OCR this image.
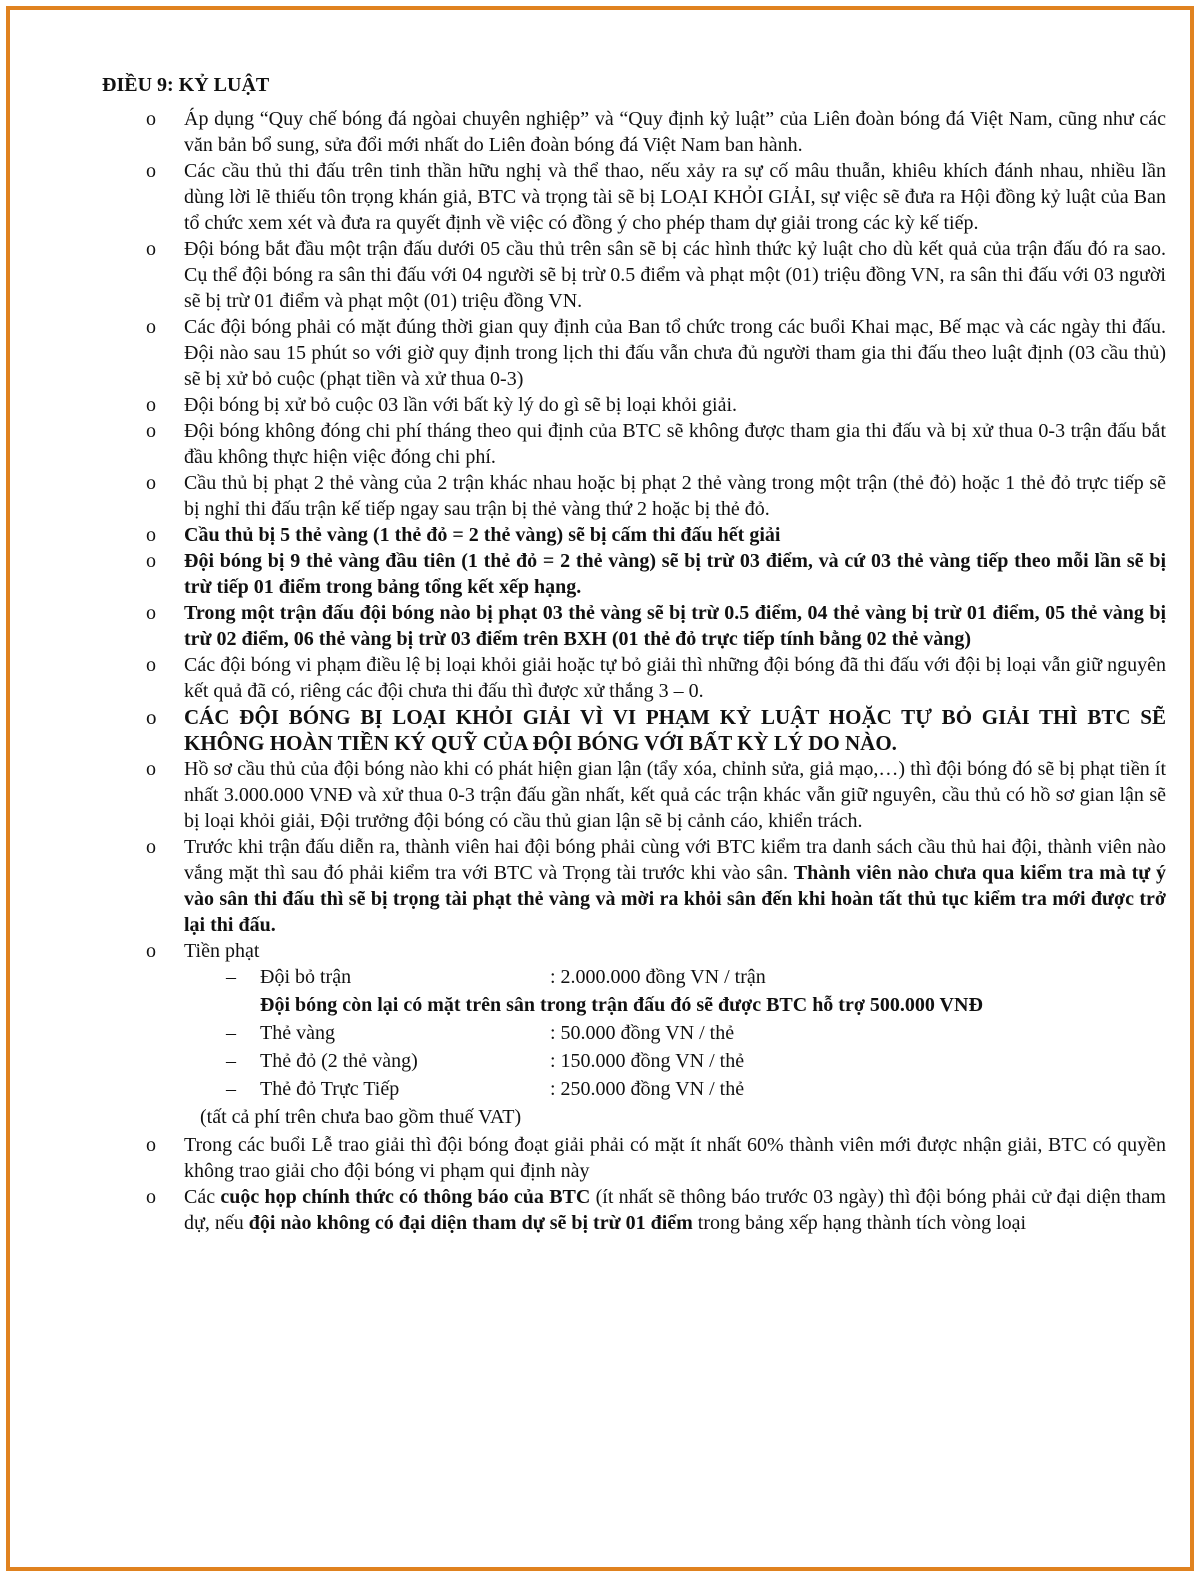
ĐIỀU 9: KỶ LUẬT
o Áp dụng “Quy chế bóng đá ngòai chuyên nghiệp” và “Quy định kỷ luật” của Liên đoàn bóng đá Việt Nam, cũng như các văn bản bổ sung, sửa đổi mới nhất do Liên đoàn bóng đá Việt Nam ban hành.
o Các cầu thủ thi đấu trên tinh thần hữu nghị và thể thao, nếu xảy ra sự cố mâu thuẫn, khiêu khích đánh nhau, nhiều lần dùng lời lẽ thiếu tôn trọng khán giả, BTC và trọng tài sẽ bị LOẠI KHỎI GIẢI, sự việc sẽ đưa ra Hội đồng kỷ luật của Ban tổ chức xem xét và đưa ra quyết định về việc có đồng ý cho phép tham dự giải trong các kỳ kế tiếp.
o Đội bóng bắt đầu một trận đấu dưới 05 cầu thủ trên sân sẽ bị các hình thức kỷ luật cho dù kết quả của trận đấu đó ra sao. Cụ thể đội bóng ra sân thi đấu với 04 người sẽ bị trừ 0.5 điểm và phạt một (01) triệu đồng VN, ra sân thi đấu với 03 người sẽ bị trừ 01 điểm và phạt một (01) triệu đồng VN.
o Các đội bóng phải có mặt đúng thời gian quy định của Ban tổ chức trong các buổi Khai mạc, Bế mạc và các ngày thi đấu. Đội nào sau 15 phút so với giờ quy định trong lịch thi đấu vẫn chưa đủ người tham gia thi đấu theo luật định (03 cầu thủ) sẽ bị xử bỏ cuộc (phạt tiền và xử thua 0-3)
o Đội bóng bị xử bỏ cuộc 03 lần với bất kỳ lý do gì sẽ bị loại khỏi giải.
o Đội bóng không đóng chi phí tháng theo qui định của BTC sẽ không được tham gia thi đấu và bị xử thua 0-3 trận đấu bắt đầu không thực hiện việc đóng chi phí.
o Cầu thủ bị phạt 2 thẻ vàng của 2 trận khác nhau hoặc bị phạt 2 thẻ vàng trong một trận (thẻ đỏ) hoặc 1 thẻ đỏ trực tiếp sẽ bị nghỉ thi đấu trận kế tiếp ngay sau trận bị thẻ vàng thứ 2 hoặc bị thẻ đỏ.
o Cầu thủ bị 5 thẻ vàng (1 thẻ đỏ = 2 thẻ vàng) sẽ bị cấm thi đấu hết giải
o Đội bóng bị 9 thẻ vàng đầu tiên (1 thẻ đỏ = 2 thẻ vàng) sẽ bị trừ 03 điểm, và cứ 03 thẻ vàng tiếp theo mỗi lần sẽ bị trừ tiếp 01 điểm trong bảng tổng kết xếp hạng.
o Trong một trận đấu đội bóng nào bị phạt 03 thẻ vàng sẽ bị trừ 0.5 điểm, 04 thẻ vàng bị trừ 01 điểm, 05 thẻ vàng bị trừ 02 điểm, 06 thẻ vàng bị trừ 03 điểm trên BXH (01 thẻ đỏ trực tiếp tính bằng 02 thẻ vàng)
o Các đội bóng vi phạm điều lệ bị loại khỏi giải hoặc tự bỏ giải thì những đội bóng đã thi đấu với đội bị loại vẫn giữ nguyên kết quả đã có, riêng các đội chưa thi đấu thì được xử thắng 3 – 0.
o CÁC ĐỘI BÓNG BỊ LOẠI KHỎI GIẢI VÌ VI PHẠM KỶ LUẬT HOẶC TỰ BỎ GIẢI THÌ BTC SẼ KHÔNG HOÀN TIỀN KÝ QUỸ CỦA ĐỘI BÓNG VỚI BẤT KỲ LÝ DO NÀO.
o Hồ sơ cầu thủ của đội bóng nào khi có phát hiện gian lận (tẩy xóa, chỉnh sửa, giả mạo,…) thì đội bóng đó sẽ bị phạt tiền ít nhất 3.000.000 VNĐ và xử thua 0-3 trận đấu gần nhất, kết quả các trận khác vẫn giữ nguyên, cầu thủ có hồ sơ gian lận sẽ bị loại khỏi giải, Đội trưởng đội bóng có cầu thủ gian lận sẽ bị cảnh cáo, khiển trách.
o Trước khi trận đấu diễn ra, thành viên hai đội bóng phải cùng với BTC kiểm tra danh sách cầu thủ hai đội, thành viên nào vắng mặt thì sau đó phải kiểm tra với BTC và Trọng tài trước khi vào sân. Thành viên nào chưa qua kiểm tra mà tự ý vào sân thi đấu thì sẽ bị trọng tài phạt thẻ vàng và mời ra khỏi sân đến khi hoàn tất thủ tục kiểm tra mới được trở lại thi đấu.
o Tiền phạt
– Đội bỏ trận	: 2.000.000 đồng VN / trận
Đội bóng còn lại có mặt trên sân trong trận đấu đó sẽ được BTC hỗ trợ 500.000 VNĐ
– Thẻ vàng	: 50.000 đồng VN / thẻ
– Thẻ đỏ (2 thẻ vàng)	: 150.000 đồng VN / thẻ
– Thẻ đỏ Trực Tiếp	: 250.000 đồng VN / thẻ
(tất cả phí trên chưa bao gồm thuế VAT)
o Trong các buổi Lễ trao giải thì đội bóng đoạt giải phải có mặt ít nhất 60% thành viên mới được nhận giải, BTC có quyền không trao giải cho đội bóng vi phạm qui định này
o Các cuộc họp chính thức có thông báo của BTC (ít nhất sẽ thông báo trước 03 ngày) thì đội bóng phải cử đại diện tham dự, nếu đội nào không có đại diện tham dự sẽ bị trừ 01 điểm trong bảng xếp hạng thành tích vòng loại
